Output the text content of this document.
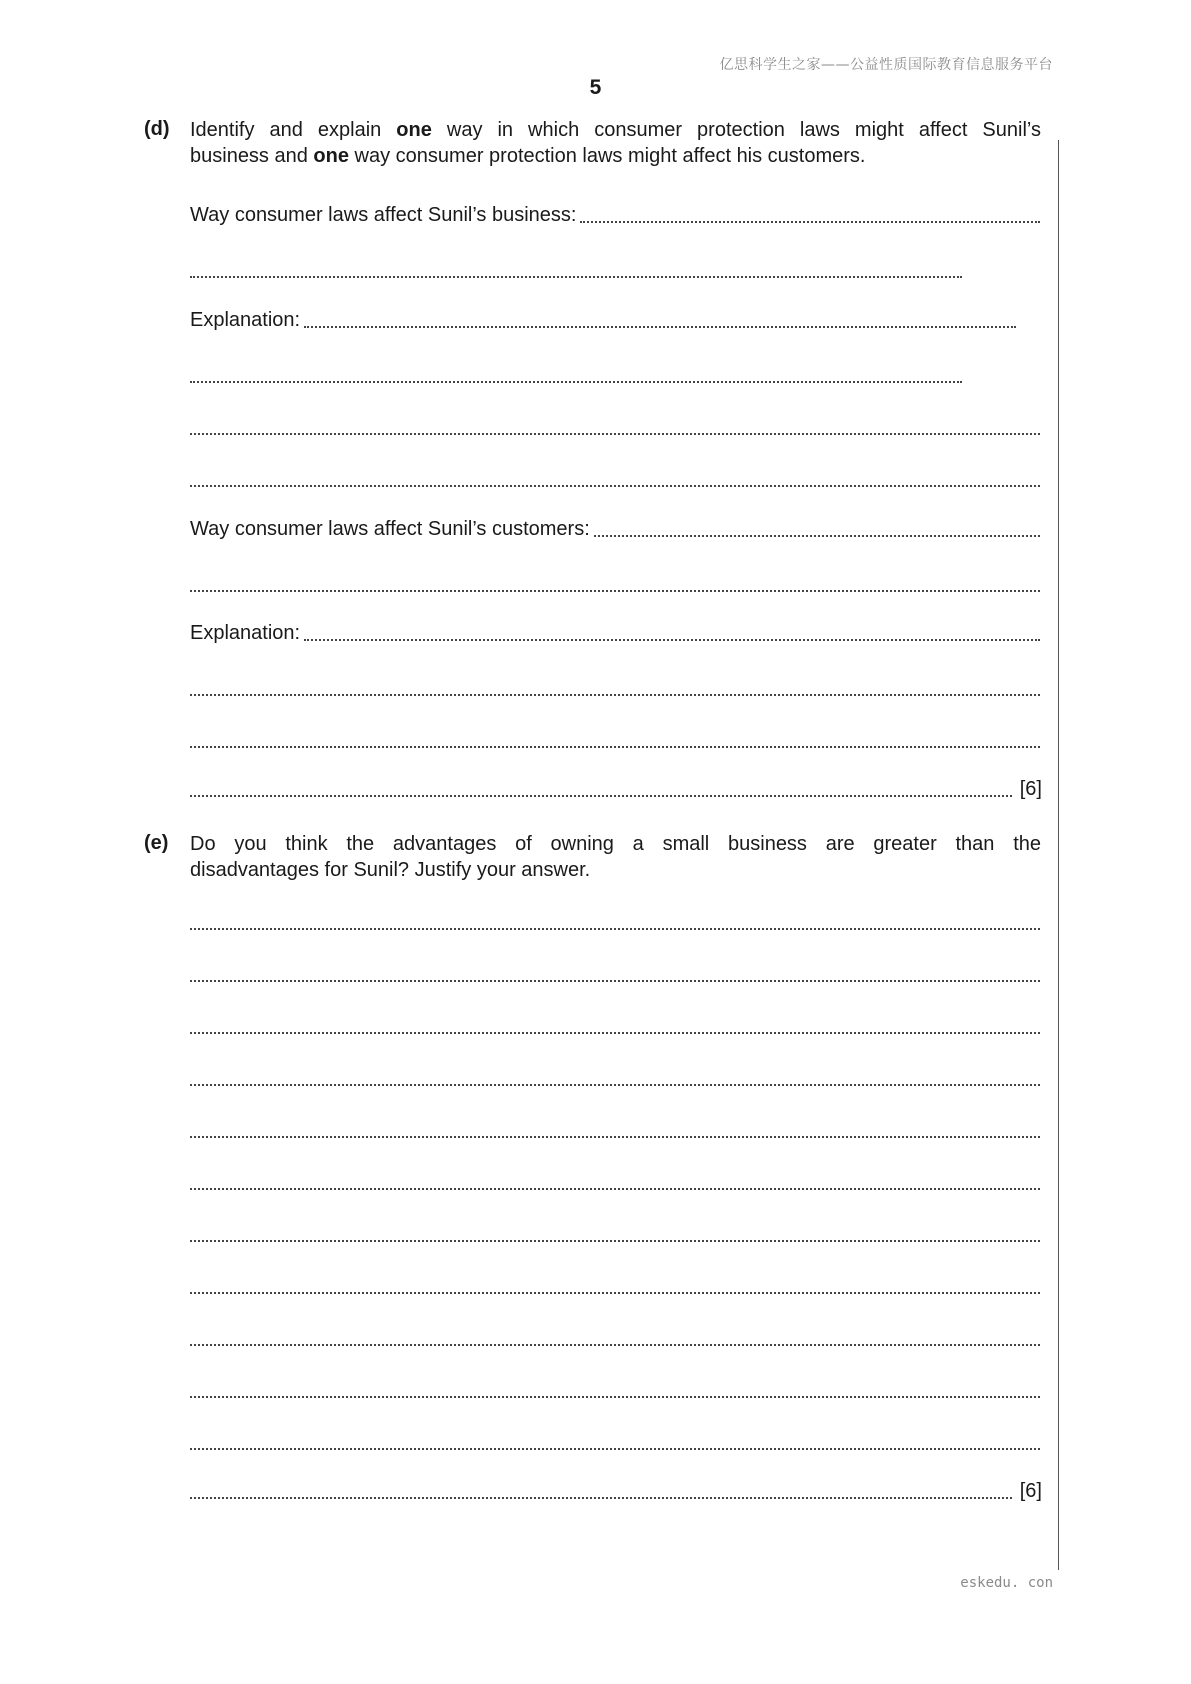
亿思科学生之家——公益性质国际教育信息服务平台
5
(d) Identify and explain one way in which consumer protection laws might affect Sunil’s
business and one way consumer protection laws might affect his customers.
Way consumer laws affect Sunil’s business:
Explanation:
Way consumer laws affect Sunil’s customers:
Explanation:
[6]
(e) Do you think the advantages of owning a small business are greater than the
disadvantages for Sunil? Justify your answer.
[6]
eskedu. con
